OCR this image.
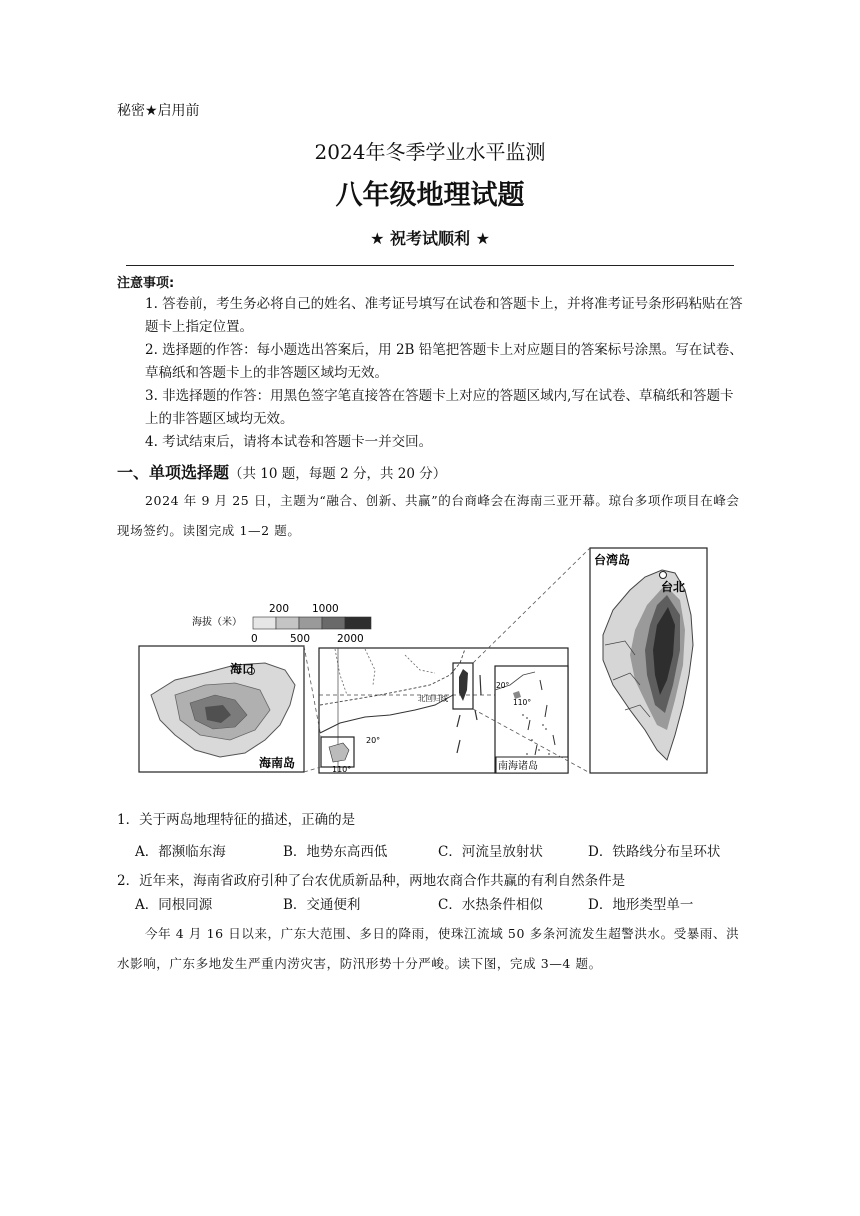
秘密★启用前
2024年冬季学业水平监测
八年级地理试题
★ 祝考试顺利 ★
注意事项:
1. 答卷前，考生务必将自己的姓名、准考证号填写在试卷和答题卡上，并将准考证号条形码粘贴在答题卡上指定位置。
2. 选择题的作答：每小题选出答案后，用 2B 铅笔把答题卡上对应题目的答案标号涂黑。写在试卷、草稿纸和答题卡上的非答题区域均无效。
3. 非选择题的作答：用黑色签字笔直接答在答题卡上对应的答题区域内,写在试卷、草稿纸和答题卡上的非答题区域均无效。
4. 考试结束后，请将本试卷和答题卡一并交回。
一、单项选择题（共 10 题，每题 2 分，共 20 分）
2024 年 9 月 25 日，主题为“融合、创新、共赢”的台商峰会在海南三亚开幕。琼台多项作项目在峰会现场签约。读图完成 1—2 题。
海拔（米）
200 1000
0	500	2000
海口
海南岛
北回归线
20°
110°
20°
110°
南海诸岛
台北
台湾岛
1．关于两岛地理特征的描述，正确的是
A．都濒临东海	B．地势东高西低	C．河流呈放射状	D．铁路线分布呈环状
2．近年来，海南省政府引种了台农优质新品种，两地农商合作共赢的有利自然条件是
A．同根同源	B．交通便利	C．水热条件相似	D．地形类型单一
今年 4 月 16 日以来，广东大范围、多日的降雨，使珠江流域 50 多条河流发生超警洪水。受暴雨、洪水影响，广东多地发生严重内涝灾害，防汛形势十分严峻。读下图，完成 3—4 题。
